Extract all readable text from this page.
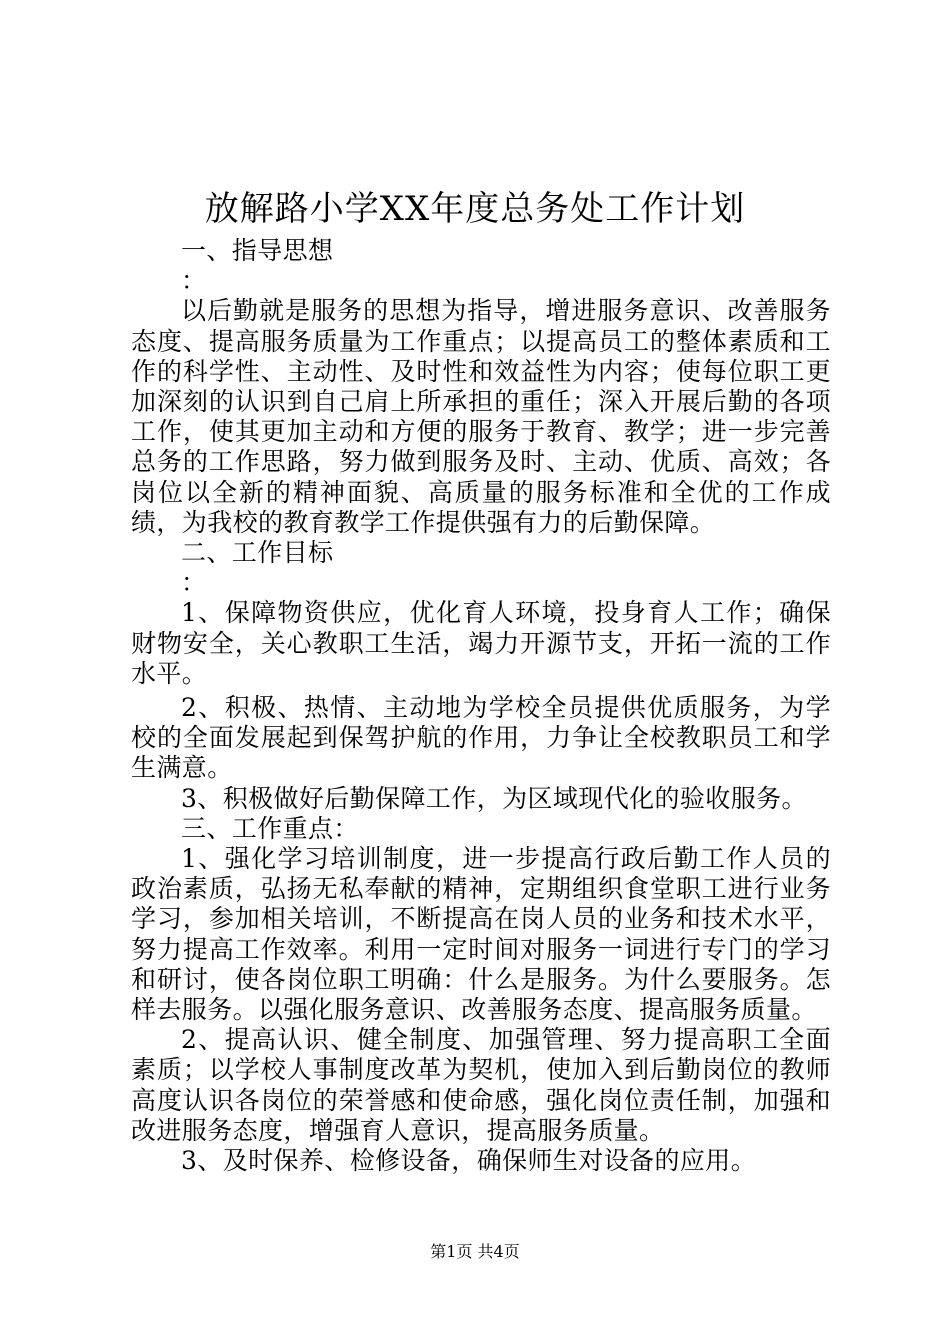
放解路小学XX年度总务处工作计划

一、指导思想

：

以后勤就是服务的思想为指导，增进服务意识、改善服务态度、提高服务质量为工作重点；以提高员工的整体素质和工作的科学性、主动性、及时性和效益性为内容；使每位职工更加深刻的认识到自己肩上所承担的重任；深入开展后勤的各项工作，使其更加主动和方便的服务于教育、教学；进一步完善总务的工作思路，努力做到服务及时、主动、优质、高效；各岗位以全新的精神面貌、高质量的服务标准和全优的工作成绩，为我校的教育教学工作提供强有力的后勤保障。

二、工作目标

：

1、保障物资供应，优化育人环境，投身育人工作；确保财物安全，关心教职工生活，竭力开源节支，开拓一流的工作水平。

2、积极、热情、主动地为学校全员提供优质服务，为学校的全面发展起到保驾护航的作用，力争让全校教职员工和学生满意。

3、积极做好后勤保障工作，为区域现代化的验收服务。

三、工作重点：

1、强化学习培训制度，进一步提高行政后勤工作人员的政治素质，弘扬无私奉献的精神，定期组织食堂职工进行业务学习，参加相关培训，不断提高在岗人员的业务和技术水平，努力提高工作效率。利用一定时间对服务一词进行专门的学习和研讨，使各岗位职工明确：什么是服务。为什么要服务。怎样去服务。以强化服务意识、改善服务态度、提高服务质量。

2、提高认识、健全制度、加强管理、努力提高职工全面素质；以学校人事制度改革为契机，使加入到后勤岗位的教师高度认识各岗位的荣誉感和使命感，强化岗位责任制，加强和改进服务态度，增强育人意识，提高服务质量。

3、及时保养、检修设备，确保师生对设备的应用。

第1页 共4页
